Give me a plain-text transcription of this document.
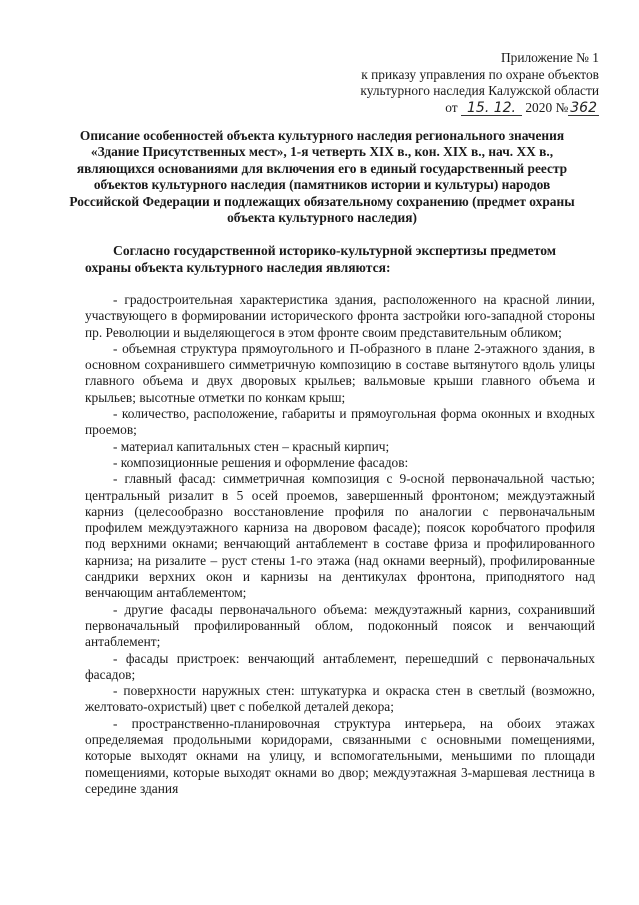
Приложение № 1
к приказу управления по охране объектов
культурного наследия Калужской области
от 15. 12. 2020 № 362
Описание особенностей объекта культурного наследия регионального значения «Здание Присутственных мест», 1-я четверть XIX в., кон. XIX в., нач. XX в., являющихся основаниями для включения его в единый государственный реестр объектов культурного наследия (памятников истории и культуры) народов Российской Федерации и подлежащих обязательному сохранению (предмет охраны объекта культурного наследия)
Согласно государственной историко-культурной экспертизы предметом охраны объекта культурного наследия являются:

- градостроительная характеристика здания, расположенного на красной линии, участвующего в формировании исторического фронта застройки юго-западной стороны пр. Революции и выделяющегося в этом фронте своим представительным обликом;

- объемная структура прямоугольного и П-образного в плане 2-этажного здания, в основном сохранившего симметричную композицию в составе вытянутого вдоль улицы главного объема и двух дворовых крыльев; вальмовые крыши главного объема и крыльев; высотные отметки по конкам крыш;

- количество, расположение, габариты и прямоугольная форма оконных и входных проемов;

- материал капитальных стен – красный кирпич;

- композиционные решения и оформление фасадов:

- главный фасад: симметричная композиция с 9-осной первоначальной частью; центральный ризалит в 5 осей проемов, завершенный фронтоном; междуэтажный карниз (целесообразно восстановление профиля по аналогии с первоначальным профилем междуэтажного карниза на дворовом фасаде); поясок коробчатого профиля под верхними окнами; венчающий антаблемент в составе фриза и профилированного карниза; на ризалите – руст стены 1-го этажа (над окнами веерный), профилированные сандрики верхних окон и карнизы на дентикулах фронтона, приподнятого над венчающим антаблементом;

- другие фасады первоначального объема: междуэтажный карниз, сохранивший первоначальный профилированный облом, подоконный поясок и венчающий антаблемент;

- фасады пристроек: венчающий антаблемент, перешедший с первоначальных фасадов;

- поверхности наружных стен: штукатурка и окраска стен в светлый (возможно, желтовато-охристый) цвет с побелкой деталей декора;

- пространственно-планировочная структура интерьера, на обоих этажах определяемая продольными коридорами, связанными с основными помещениями, которые выходят окнами на улицу, и вспомогательными, меньшими по площади помещениями, которые выходят окнами во двор; междуэтажная 3-маршевая лестница в середине здания
